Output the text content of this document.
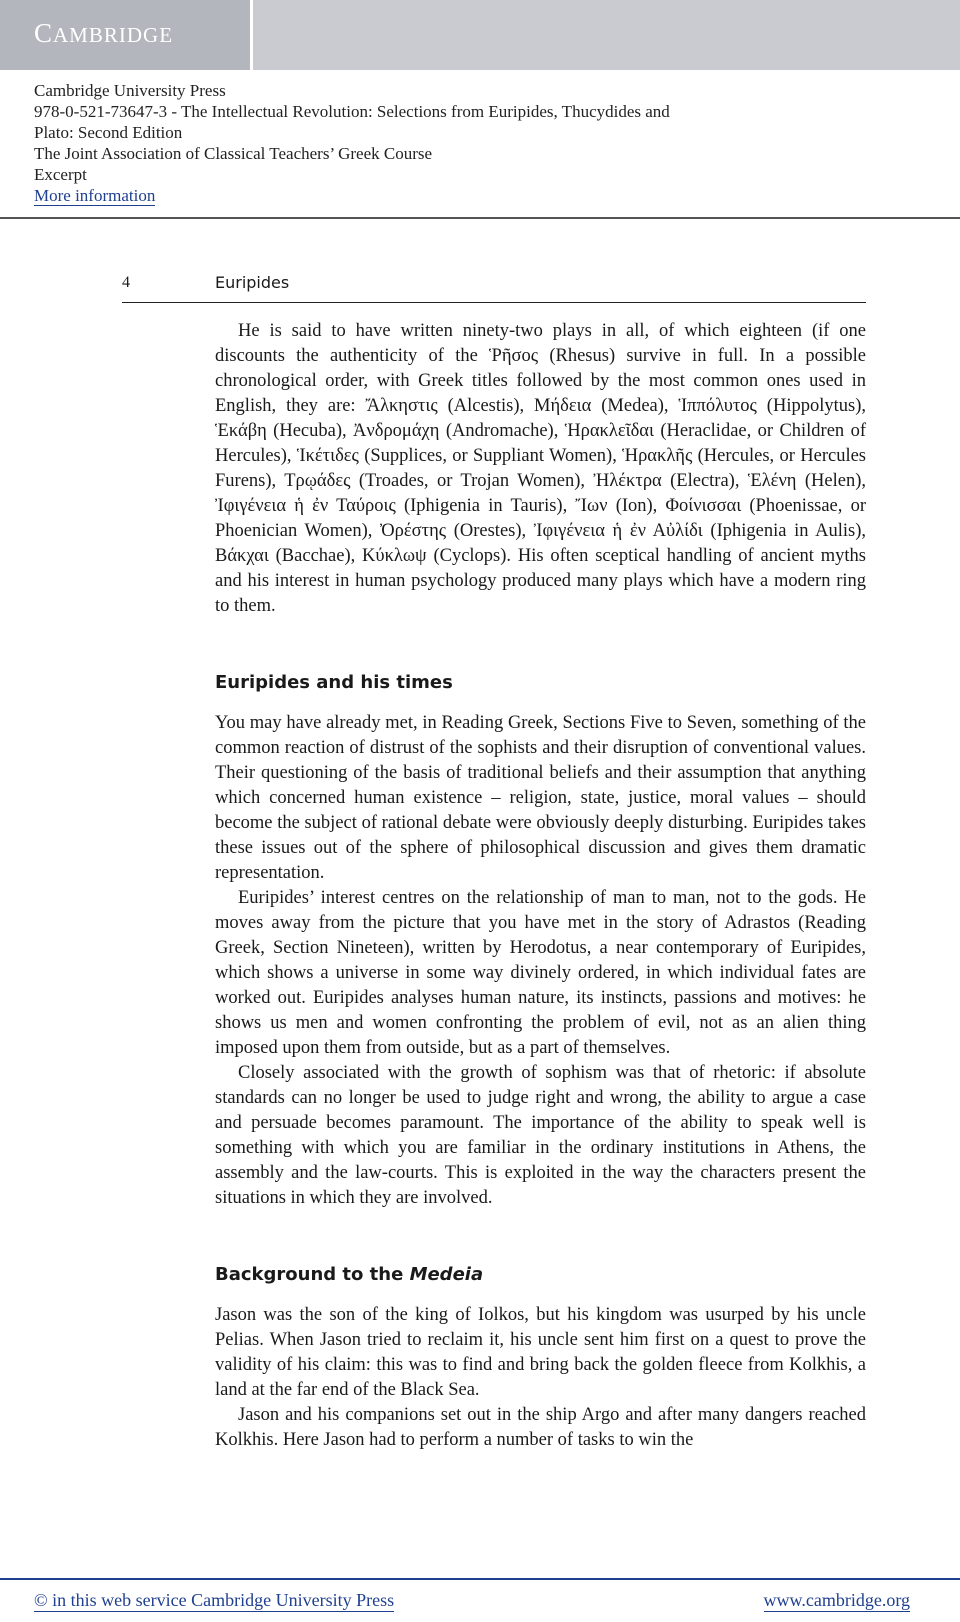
CAMBRIDGE
Cambridge University Press
978-0-521-73647-3 - The Intellectual Revolution: Selections from Euripides, Thucydides and
Plato: Second Edition
The Joint Association of Classical Teachers’ Greek Course
Excerpt
More information
4	Euripides

He is said to have written ninety-two plays in all, of which eighteen (if one discounts the authenticity of the Ῥῆσος (Rhesus) survive in full. In a possible chronological order, with Greek titles followed by the most common ones used in English, they are: Ἄλκηστις (Alcestis), Μήδεια (Medea), Ἱππόλυτος (Hippolytus), Ἑκάβη (Hecuba), Ἀνδρομάχη (Andromache), Ἡρακλεῖδαι (Heraclidae, or Children of Hercules), Ἱκέτιδες (Supplices, or Suppliant Women), Ἡρακλῆς (Hercules, or Hercules Furens), Τρῳάδες (Troades, or Trojan Women), Ἠλέκτρα (Electra), Ἑλένη (Helen), Ἰφιγένεια ἡ ἐν Ταύροις (Iphigenia in Tauris), Ἴων (Ion), Φοίνισσαι (Phoenissae, or Phoenician Women), Ὀρέστης (Orestes), Ἰφιγένεια ἡ ἐν Αὐλίδι (Iphigenia in Aulis), Βάκχαι (Bacchae), Κύκλωψ (Cyclops). His often sceptical handling of ancient myths and his interest in human psychology produced many plays which have a modern ring to them.

Euripides and his times

You may have already met, in Reading Greek, Sections Five to Seven, something of the common reaction of distrust of the sophists and their disruption of conventional values. Their questioning of the basis of traditional beliefs and their assumption that anything which concerned human existence – religion, state, justice, moral values – should become the subject of rational debate were obviously deeply disturbing. Euripides takes these issues out of the sphere of philosophical discussion and gives them dramatic representation.

Euripides’ interest centres on the relationship of man to man, not to the gods. He moves away from the picture that you have met in the story of Adrastos (Reading Greek, Section Nineteen), written by Herodotus, a near contemporary of Euripides, which shows a universe in some way divinely ordered, in which individual fates are worked out. Euripides analyses human nature, its instincts, passions and motives: he shows us men and women confronting the problem of evil, not as an alien thing imposed upon them from outside, but as a part of themselves.

Closely associated with the growth of sophism was that of rhetoric: if absolute standards can no longer be used to judge right and wrong, the ability to argue a case and persuade becomes paramount. The importance of the ability to speak well is something with which you are familiar in the ordinary institutions in Athens, the assembly and the law-courts. This is exploited in the way the characters present the situations in which they are involved.

Background to the Medeia

Jason was the son of the king of Iolkos, but his kingdom was usurped by his uncle Pelias. When Jason tried to reclaim it, his uncle sent him first on a quest to prove the validity of his claim: this was to find and bring back the golden fleece from Kolkhis, a land at the far end of the Black Sea.

Jason and his companions set out in the ship Argo and after many dangers reached Kolkhis. Here Jason had to perform a number of tasks to win the

© in this web service Cambridge University Press	www.cambridge.org
